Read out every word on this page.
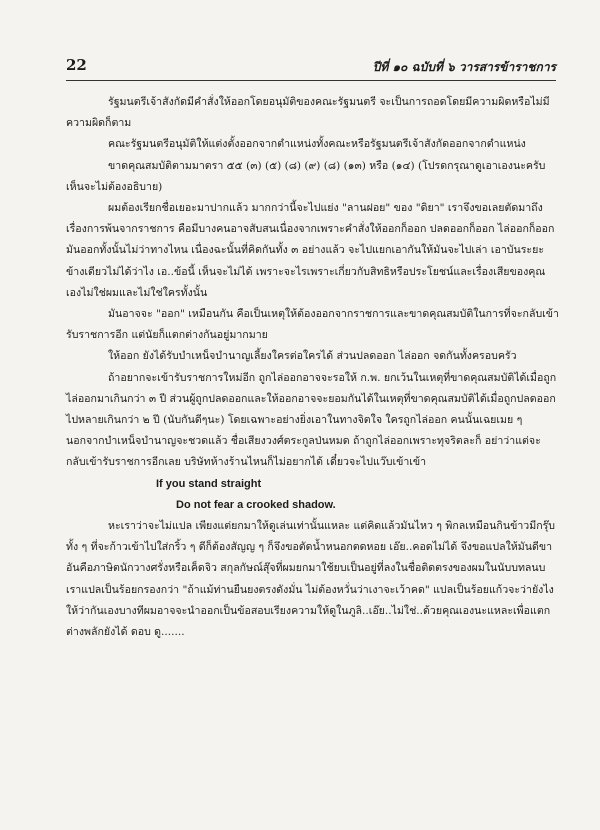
22	ปีที่ ๑๐ ฉบับที่ ๖ วารสารข้าราชการ

รัฐมนตรีเจ้าสังกัดมีคำสั่งให้ออกโดยอนุมัติของคณะรัฐมนตรี จะเป็นการถอดโดยมีความผิดหรือไม่มีความผิดก็ตาม

คณะรัฐมนตรีอนุมัติให้แต่งตั้งออกจากตำแหน่งทั้งคณะหรือรัฐมนตรีเจ้าสังกัดออกจากตำแหน่ง

ขาดคุณสมบัติตามมาตรา ๕๕ (๓) (๕) (๘) (๙) (๘) (๑๓) หรือ (๑๔) (โปรดกรุณาดูเอาเองนะครับ เห็นจะไม่ต้องอธิบาย)

ผมต้องเรียกชื่อเยอะมาปากแล้ว มากกว่านี้จะไปแย่ง "ลานฝอย" ของ "ดิยา" เราจึงขอเลยตัดมาถึงเรื่องการพ้นจากราชการ คือมีบางคนอาจสับสนเนื่องจากเพราะคำสั่งให้ออกก็ออก ปลดออกก็ออก ไล่ออกก็ออก มันออกทั้งนั้นไม่ว่าทางไหน เนื่องฉะนั้นที่คิดกันทั้ง ๓ อย่างแล้ว จะไปแยกเอากันให้มันจะไปเล่า เอาบันระยะข้างเดียวไม่ได้ว่าไง เอ..ข้อนี้ เห็นจะไม่ได้ เพราะจะไรเพราะเกี่ยวกับสิทธิหรือประโยชน์และเรื่องเสียของคุณเองไม่ใช่ผมและไม่ใช่ใครทั้งนั้น

มันอาจจะ "ออก" เหมือนกัน คือเป็นเหตุให้ต้องออกจากราชการและขาดคุณสมบัติในการที่จะกลับเข้ารับราชการอีก แต่นัยก็แตกต่างกันอยู่มากมาย

ให้ออก ยังได้รับบำเหน็จบำนาญเลี้ยงใครต่อใครได้ ส่วนปลดออก ไล่ออก จดกันทั้งครอบครัว

ถ้าอยากจะเข้ารับราชการใหม่อีก ถูกไล่ออกอาจจะรอให้ ก.พ. ยกเว้นในเหตุที่ขาดคุณสมบัติได้เมื่อถูกไล่ออกมาเกินกว่า ๓ ปี ส่วนผู้ถูกปลดออกและให้ออกอาจจะยอมกันได้ในเหตุที่ขาดคุณสมบัติได้เมื่อถูกปลดออกไปหลายเกินกว่า ๒ ปี (นับกันดีๆนะ) โดยเฉพาะอย่างยิ่งเอาในทางจิตใจ ใครถูกไล่ออก คนนั้นเฉยเมย ๆ นอกจากบำเหน็จบำนาญจะชวดแล้ว ชื่อเสียงวงศ์ตระกูลป่นหมด ถ้าถูกไล่ออกเพราะทุจริตละก็ อย่าว่าแต่จะกลับเข้ารับราชการอีกเลย บริษัทห้างร้านไหนก็ไม่อยากได้ เดี๋ยวจะไปแว๊บเข้าเข้า

If you stand straight

Do not fear a crooked shadow.

หะเราว่าจะไม่แปล เพียงแต่ยกมาให้ดูเล่นเท่านั้นแหละ แต่คิดแล้วมันไหว ๆ พิกลเหมือนกินข้าวมีกรุ๊บ ทั้ง ๆ ที่จะก้าวเข้าไปใส่กริ้ว ๆ ดีก็ต้องสัญญ ๆ ก็จึงขอตัดน้ำหนอกตดหอย เอ๊ย..คอดไม่ได้ จึงขอแปลให้มันดีขา อันคือภาษิตนักวางศรั่งหรือเค็ดจิว สกุลกัษณ์สุ๊จที่ผมยกมาใช้ยบเป็นอยู่ที่ลงในชื่อติดตรงของผมในนับบทลนบ เราแปลเป็นร้อยกรองกว่า "ถ้าแม้ท่านยืนยงตรงดังมั่น ไม่ต้องหวั่นว่าเงาจะเว้าคด" แปลเป็นร้อยแก้วจะว่ายังไงให้ว่ากันเองบางทีผมอาจจะนำออกเป็นข้อสอบเรียงความให้ดูในภูลิ..เอ๊ย..ไม่ใช่..ด้วยคุณเองนะแหละเพื่อแตกต่างพลักยังได้ ดอบ ดู.......
